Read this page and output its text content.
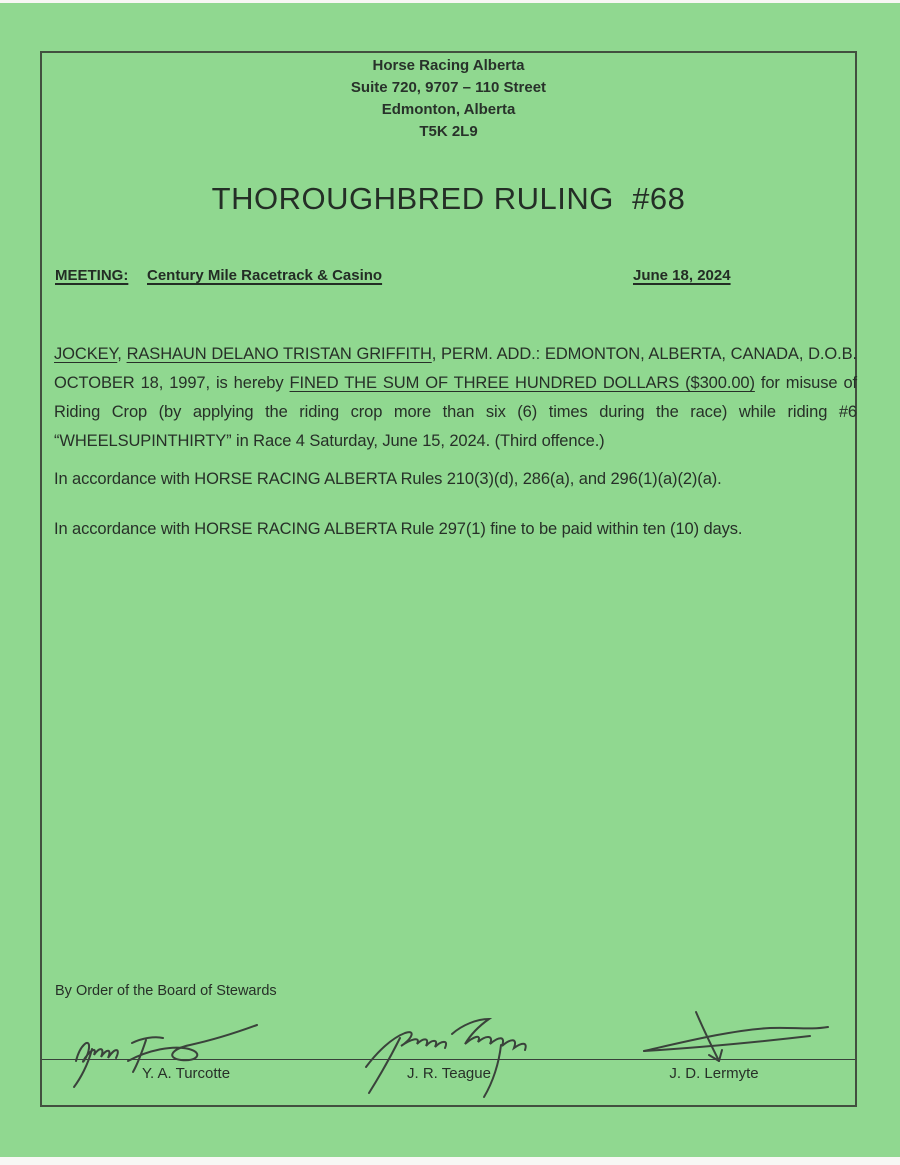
Horse Racing Alberta
Suite 720, 9707 – 110 Street
Edmonton, Alberta
T5K 2L9
THOROUGHBRED RULING  #68
MEETING: Century Mile Racetrack & Casino	June 18, 2024

JOCKEY, RASHAUN DELANO TRISTAN GRIFFITH, PERM. ADD.: EDMONTON, ALBERTA, CANADA, D.O.B. OCTOBER 18, 1997, is hereby FINED THE SUM OF THREE HUNDRED DOLLARS ($300.00) for misuse of Riding Crop (by applying the riding crop more than six (6) times during the race) while riding #6 “WHEELSUPINTHIRTY” in Race 4 Saturday, June 15, 2024. (Third offence.)

In accordance with HORSE RACING ALBERTA Rules 210(3)(d), 286(a), and 296(1)(a)(2)(a).

In accordance with HORSE RACING ALBERTA Rule 297(1) fine to be paid within ten (10) days.

By Order of the Board of Stewards
Y. A. Turcotte	J. R. Teague	J. D. Lermyte
